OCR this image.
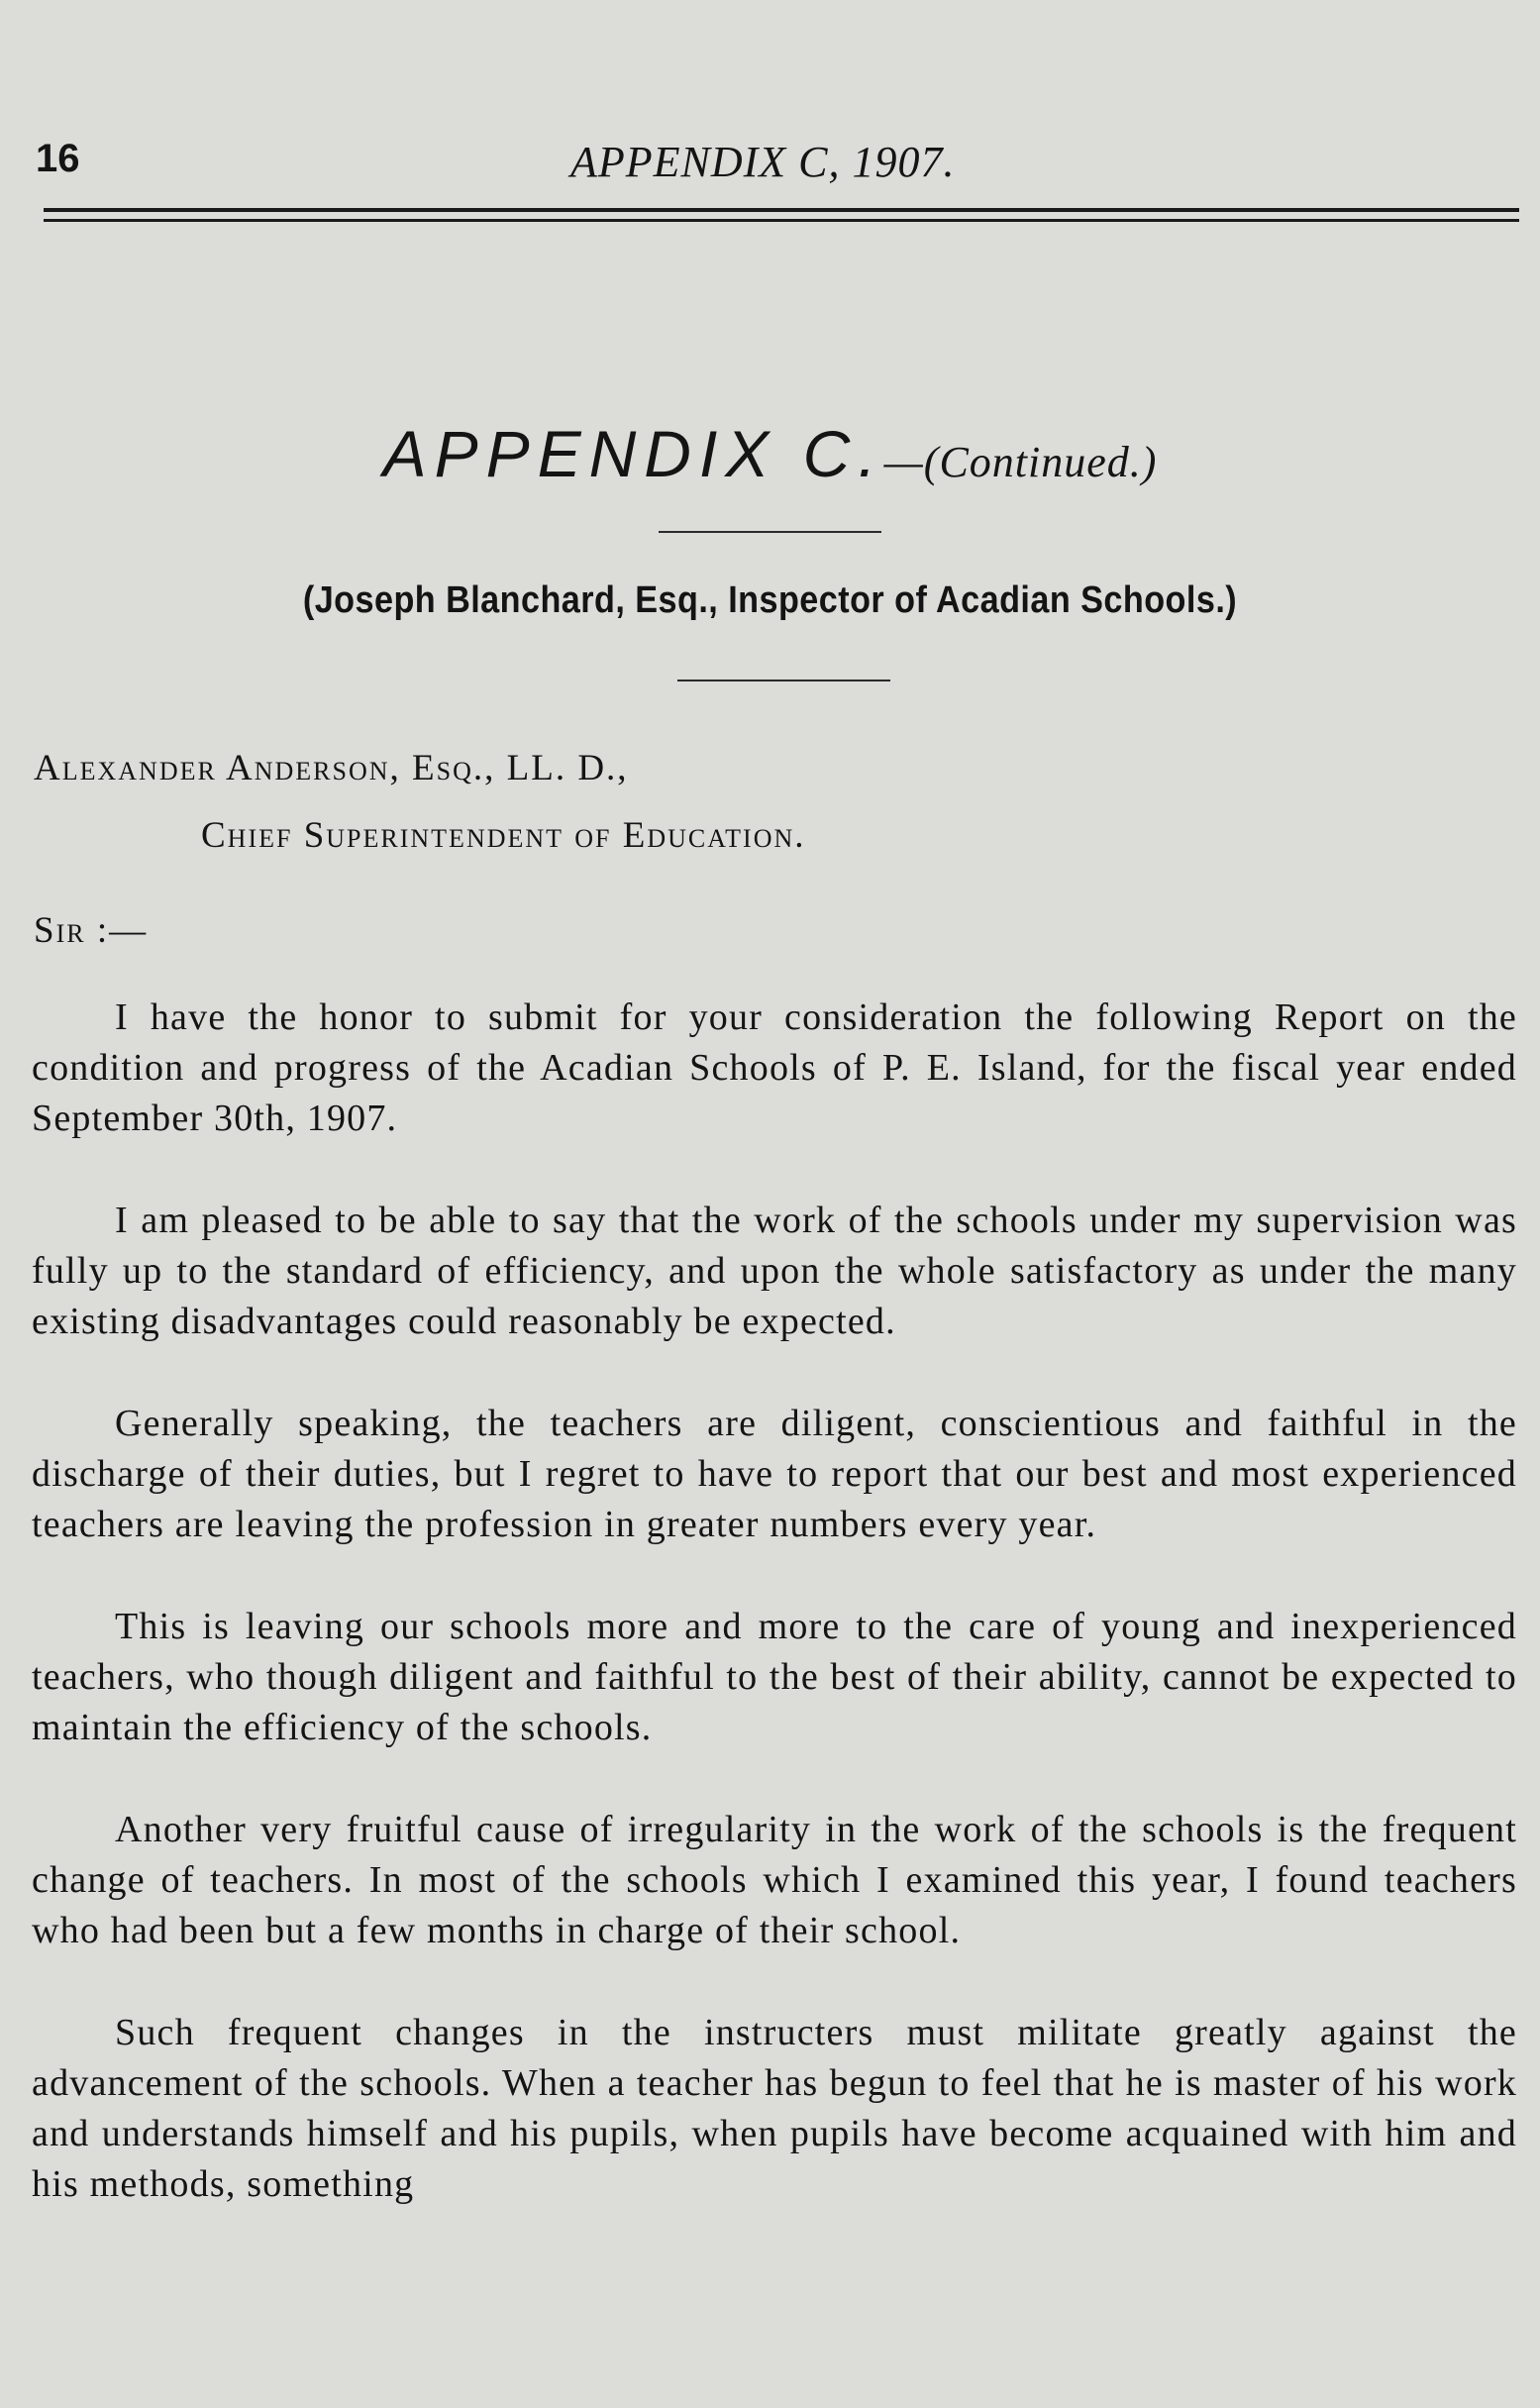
16	APPENDIX C, 1907.
APPENDIX C.—(Continued.)
(Joseph Blanchard, Esq., Inspector of Acadian Schools.)
Alexander Anderson, Esq., LL. D.,
Chief Superintendent of Education.
Sir :—

I have the honor to submit for your consideration the following Report on the condition and progress of the Acadian Schools of P. E. Island, for the fiscal year ended September 30th, 1907.

I am pleased to be able to say that the work of the schools under my supervision was fully up to the standard of efficiency, and upon the whole satisfactory as under the many existing disadvantages could reasonably be expected.

Generally speaking, the teachers are diligent, conscientious and faithful in the discharge of their duties, but I regret to have to report that our best and most experienced teachers are leaving the profession in greater numbers every year.

This is leaving our schools more and more to the care of young and inexperienced teachers, who though diligent and faithful to the best of their ability, cannot be expected to maintain the efficiency of the schools.

Another very fruitful cause of irregularity in the work of the schools is the frequent change of teachers. In most of the schools which I examined this year, I found teachers who had been but a few months in charge of their school.

Such frequent changes in the instructers must militate greatly against the advancement of the schools. When a teacher has begun to feel that he is master of his work and understands himself and his pupils, when pupils have become acquained with him and his methods, something
